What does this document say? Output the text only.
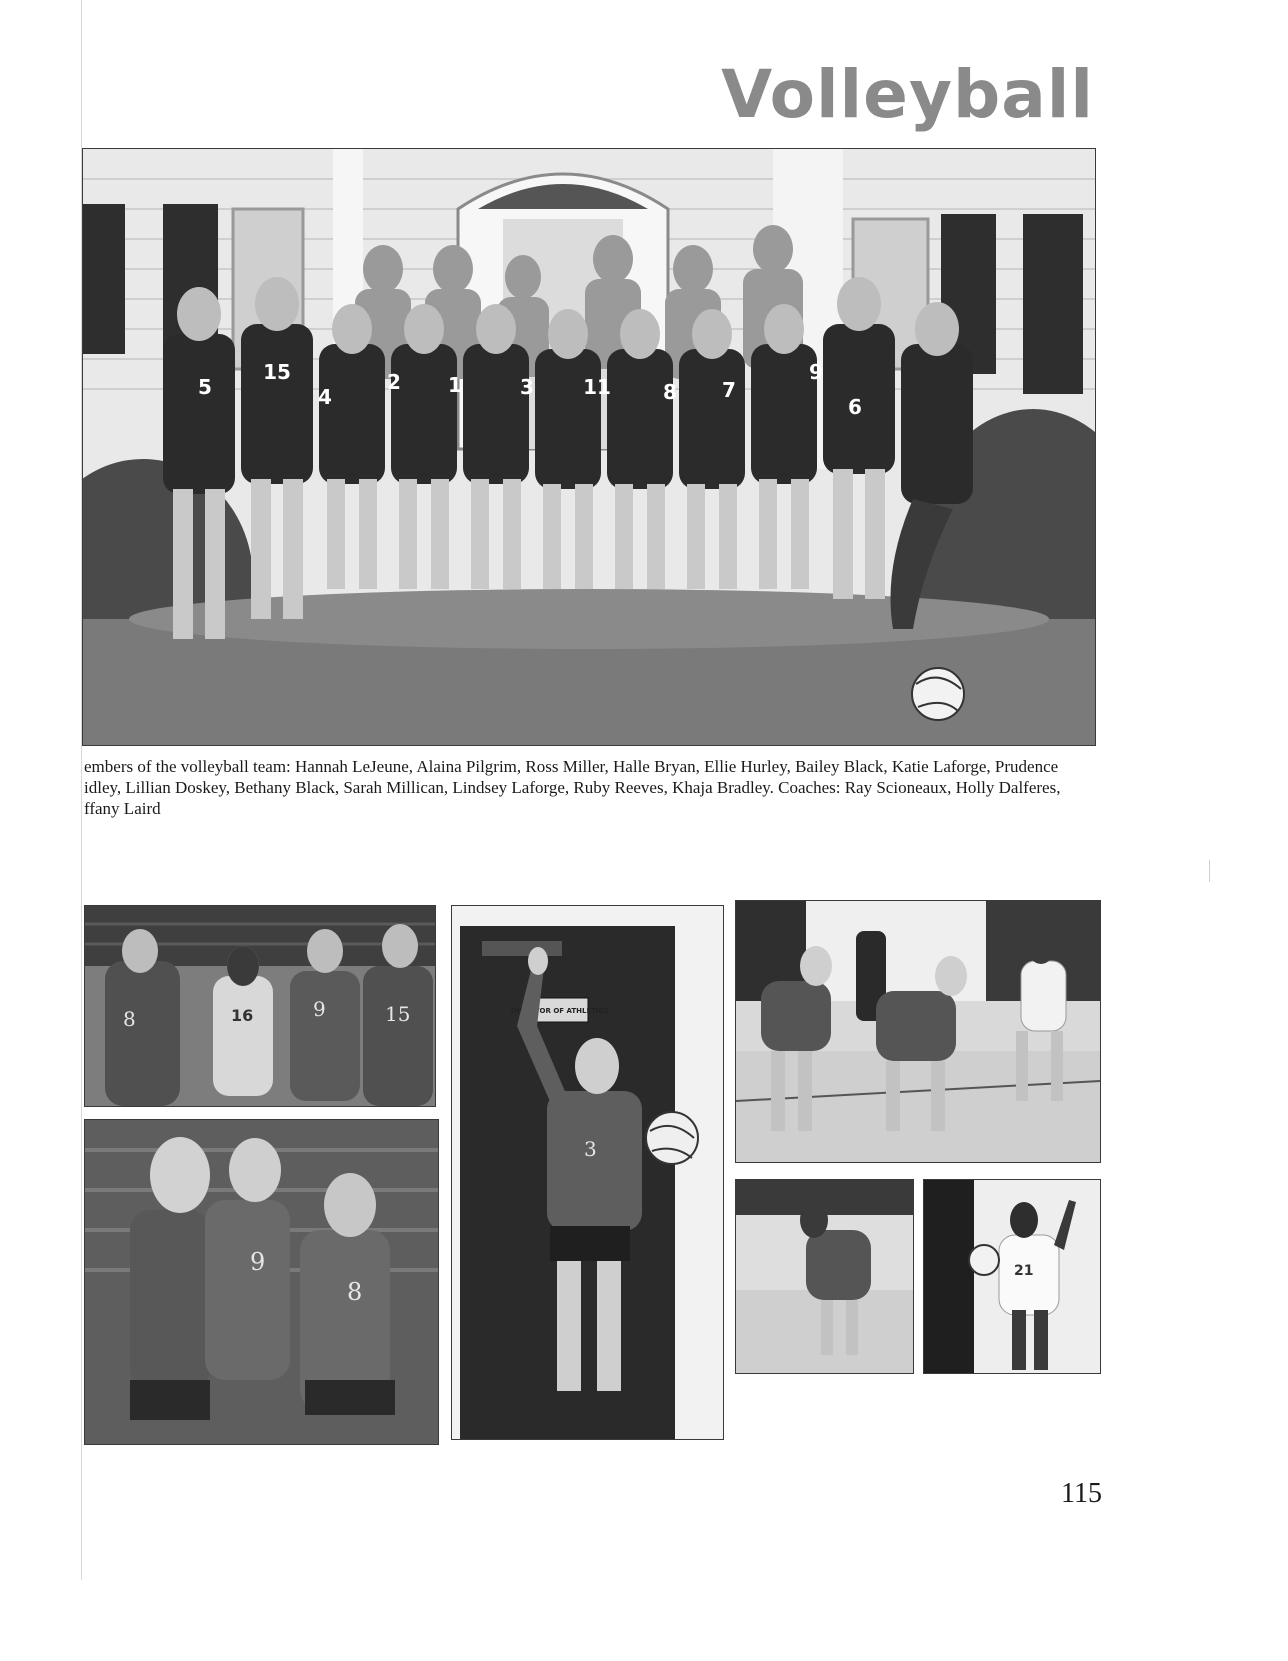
Volleyball
5
15
4
2 1	3 11	8 7
9
6
embers of the volleyball team: Hannah LeJeune, Alaina Pilgrim, Ross Miller, Halle Bryan, Ellie Hurley, Bailey Black, Katie Laforge, Prudence
idley, Lillian Doskey, Bethany Black, Sarah Millican, Lindsey Laforge, Ruby Reeves, Khaja Bradley. Coaches: Ray Scioneaux, Holly Dalferes,
ffany Laird
8	16	9	15
9
8
DIRECTOR OF ATHLETICS
3
21
115
